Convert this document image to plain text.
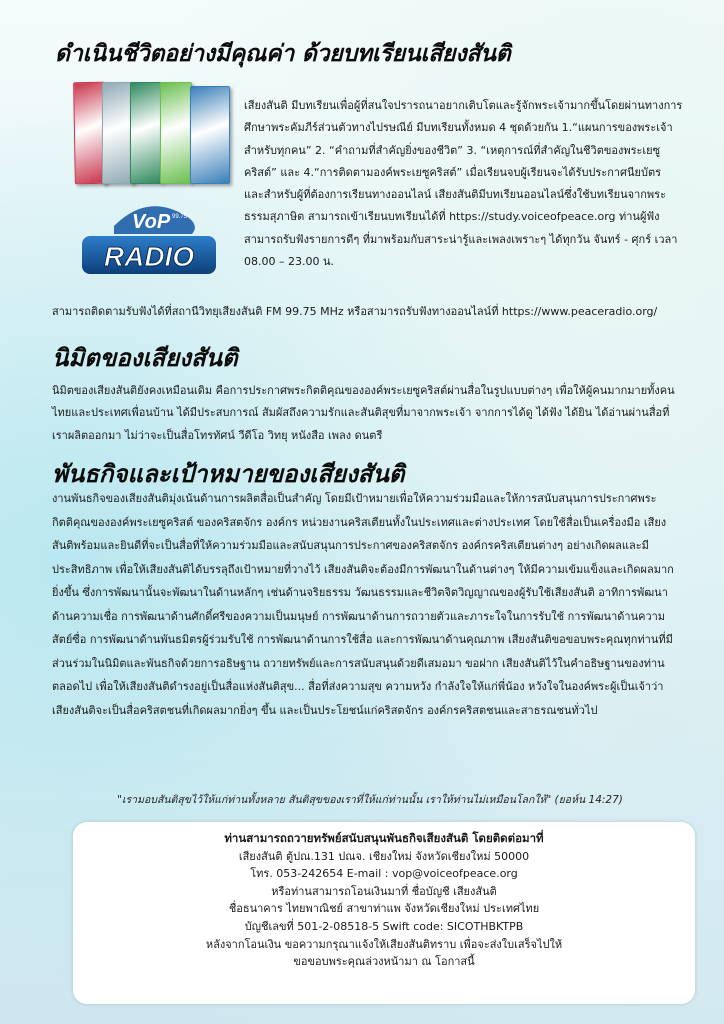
ดำเนินชีวิตอย่างมีคุณค่า ด้วยบทเรียนเสียงสันติ
VoP 99.75
RADIO
เสียงสันติ มีบทเรียนเพื่อผู้ที่สนใจปรารถนาอยากเติบโตและรู้จักพระเจ้ามากขึ้นโดยผ่านทางการศึกษาพระคัมภีร์ส่วนตัวทางไปรษณีย์ มีบทเรียนทั้งหมด 4 ชุดด้วยกัน 1.“แผนการของพระเจ้าสำหรับทุกคน” 2. “คำถามที่สำคัญยิ่งของชีวิต” 3. “เหตุการณ์ที่สำคัญในชีวิตของพระเยซูคริสต์” และ 4.“การติดตามองค์พระเยซูคริสต์” เมื่อเรียนจบผู้เรียนจะได้รับประกาศนียบัตร และสำหรับผู้ที่ต้องการเรียนทางออนไลน์ เสียงสันติมีบทเรียนออนไลน์ซึ่งใช้บทเรียนจากพระธรรมสุภาษิต สามารถเข้าเรียนบทเรียนได้ที่ https://study.voiceofpeace.org ท่านผู้ฟังสามารถรับฟังรายการดีๆ ที่มาพร้อมกับสาระน่ารู้และเพลงเพราะๆ ได้ทุกวัน จันทร์ - ศุกร์ เวลา 08.00 – 23.00 น.
สามารถติดตามรับฟังได้ที่สถานีวิทยุเสียงสันติ FM 99.75 MHz หรือสามารถรับฟังทางออนไลน์ที่ https://www.peaceradio.org/
นิมิตของเสียงสันติ
นิมิตของเสียงสันติยังคงเหมือนเดิม คือการประกาศพระกิตติคุณขององค์พระเยซูคริสต์ผ่านสื่อในรูปแบบต่างๆ เพื่อให้ผู้คนมากมายทั้งคนไทยและประเทศเพื่อนบ้าน ได้มีประสบการณ์ สัมผัสถึงความรักและสันติสุขที่มาจากพระเจ้า จากการได้ดู ได้ฟัง ได้ยิน ได้อ่านผ่านสื่อที่เราผลิตออกมา ไม่ว่าจะเป็นสื่อโทรทัศน์ วีดีโอ วิทยุ หนังสือ เพลง ดนตรี
พันธกิจและเป้าหมายของเสียงสันติ
งานพันธกิจของเสียงสันติมุ่งเน้นด้านการผลิตสื่อเป็นสำคัญ โดยมีเป้าหมายเพื่อให้ความร่วมมือและให้การสนับสนุนการประกาศพระกิตติคุณขององค์พระเยซูคริสต์ ของคริสตจักร องค์กร หน่วยงานคริสเตียนทั้งในประเทศและต่างประเทศ โดยใช้สื่อเป็นเครื่องมือ เสียงสันติพร้อมและยินดีที่จะเป็นสื่อที่ให้ความร่วมมือและสนับสนุนการประกาศของคริสตจักร องค์กรคริสเตียนต่างๆ อย่างเกิดผลและมีประสิทธิภาพ เพื่อให้เสียงสันติได้บรรลุถึงเป้าหมายที่วางไว้ เสียงสันติจะต้องมีการพัฒนาในด้านต่างๆ ให้มีความเข้มแข็งและเกิดผลมากยิ่งขึ้น ซึ่งการพัฒนานั้นจะพัฒนาในด้านหลักๆ เช่นด้านจริยธรรม วัฒนธรรมและชีวิตจิตวิญญาณของผู้รับใช้เสียงสันติ อาทิการพัฒนาด้านความเชื่อ การพัฒนาด้านศักดิ์ศรีของความเป็นมนุษย์ การพัฒนาด้านการถวายตัวและภาระใจในการรับใช้ การพัฒนาด้านความสัตย์ซื่อ การพัฒนาด้านพันธมิตรผู้ร่วมรับใช้ การพัฒนาด้านการใช้สื่อ และการพัฒนาด้านคุณภาพ เสียงสันติขอขอบพระคุณทุกท่านที่มีส่วนร่วมในนิมิตและพันธกิจด้วยการอธิษฐาน ถวายทรัพย์และการสนับสนุนด้วยดีเสมอมา ขอฝาก เสียงสันติไว้ในคำอธิษฐานของท่านตลอดไป เพื่อให้เสียงสันติดำรงอยู่เป็นสื่อแห่งสันติสุข... สื่อที่ส่งความสุข ความหวัง กำลังใจให้แก่พี่น้อง หวังใจในองค์พระผู้เป็นเจ้าว่าเสียงสันติจะเป็นสื่อคริสตชนที่เกิดผลมากยิ่งๆ ขึ้น และเป็นประโยชน์แก่คริสตจักร องค์กรคริสตชนและสาธรณชนทั่วไป
"เรามอบสันติสุขไว้ให้แก่ท่านทั้งหลาย สันติสุขของเราที่ให้แก่ท่านนั้น เราให้ท่านไม่เหมือนโลกให้" (ยอห์น 14:27)
ท่านสามารถถวายทรัพย์สนับสนุนพันธกิจเสียงสันติ โดยติดต่อมาที่
เสียงสันติ ตู้ปณ.131 ปณจ. เชียงใหม่ จังหวัดเชียงใหม่ 50000
โทร. 053-242654 E-mail : vop@voiceofpeace.org
หรือท่านสามารถโอนเงินมาที่ ชื่อบัญชี เสียงสันติ
ชื่อธนาคาร ไทยพาณิชย์ สาขาท่าแพ จังหวัดเชียงใหม่ ประเทศไทย
บัญชีเลขที่ 501-2-08518-5 Swift code: SICOTHBKTPB
หลังจากโอนเงิน ขอความกรุณาแจ้งให้เสียงสันติทราบ เพื่อจะส่งใบเสร็จไปให้
ขอขอบพระคุณล่วงหน้ามา ณ โอกาสนี้
